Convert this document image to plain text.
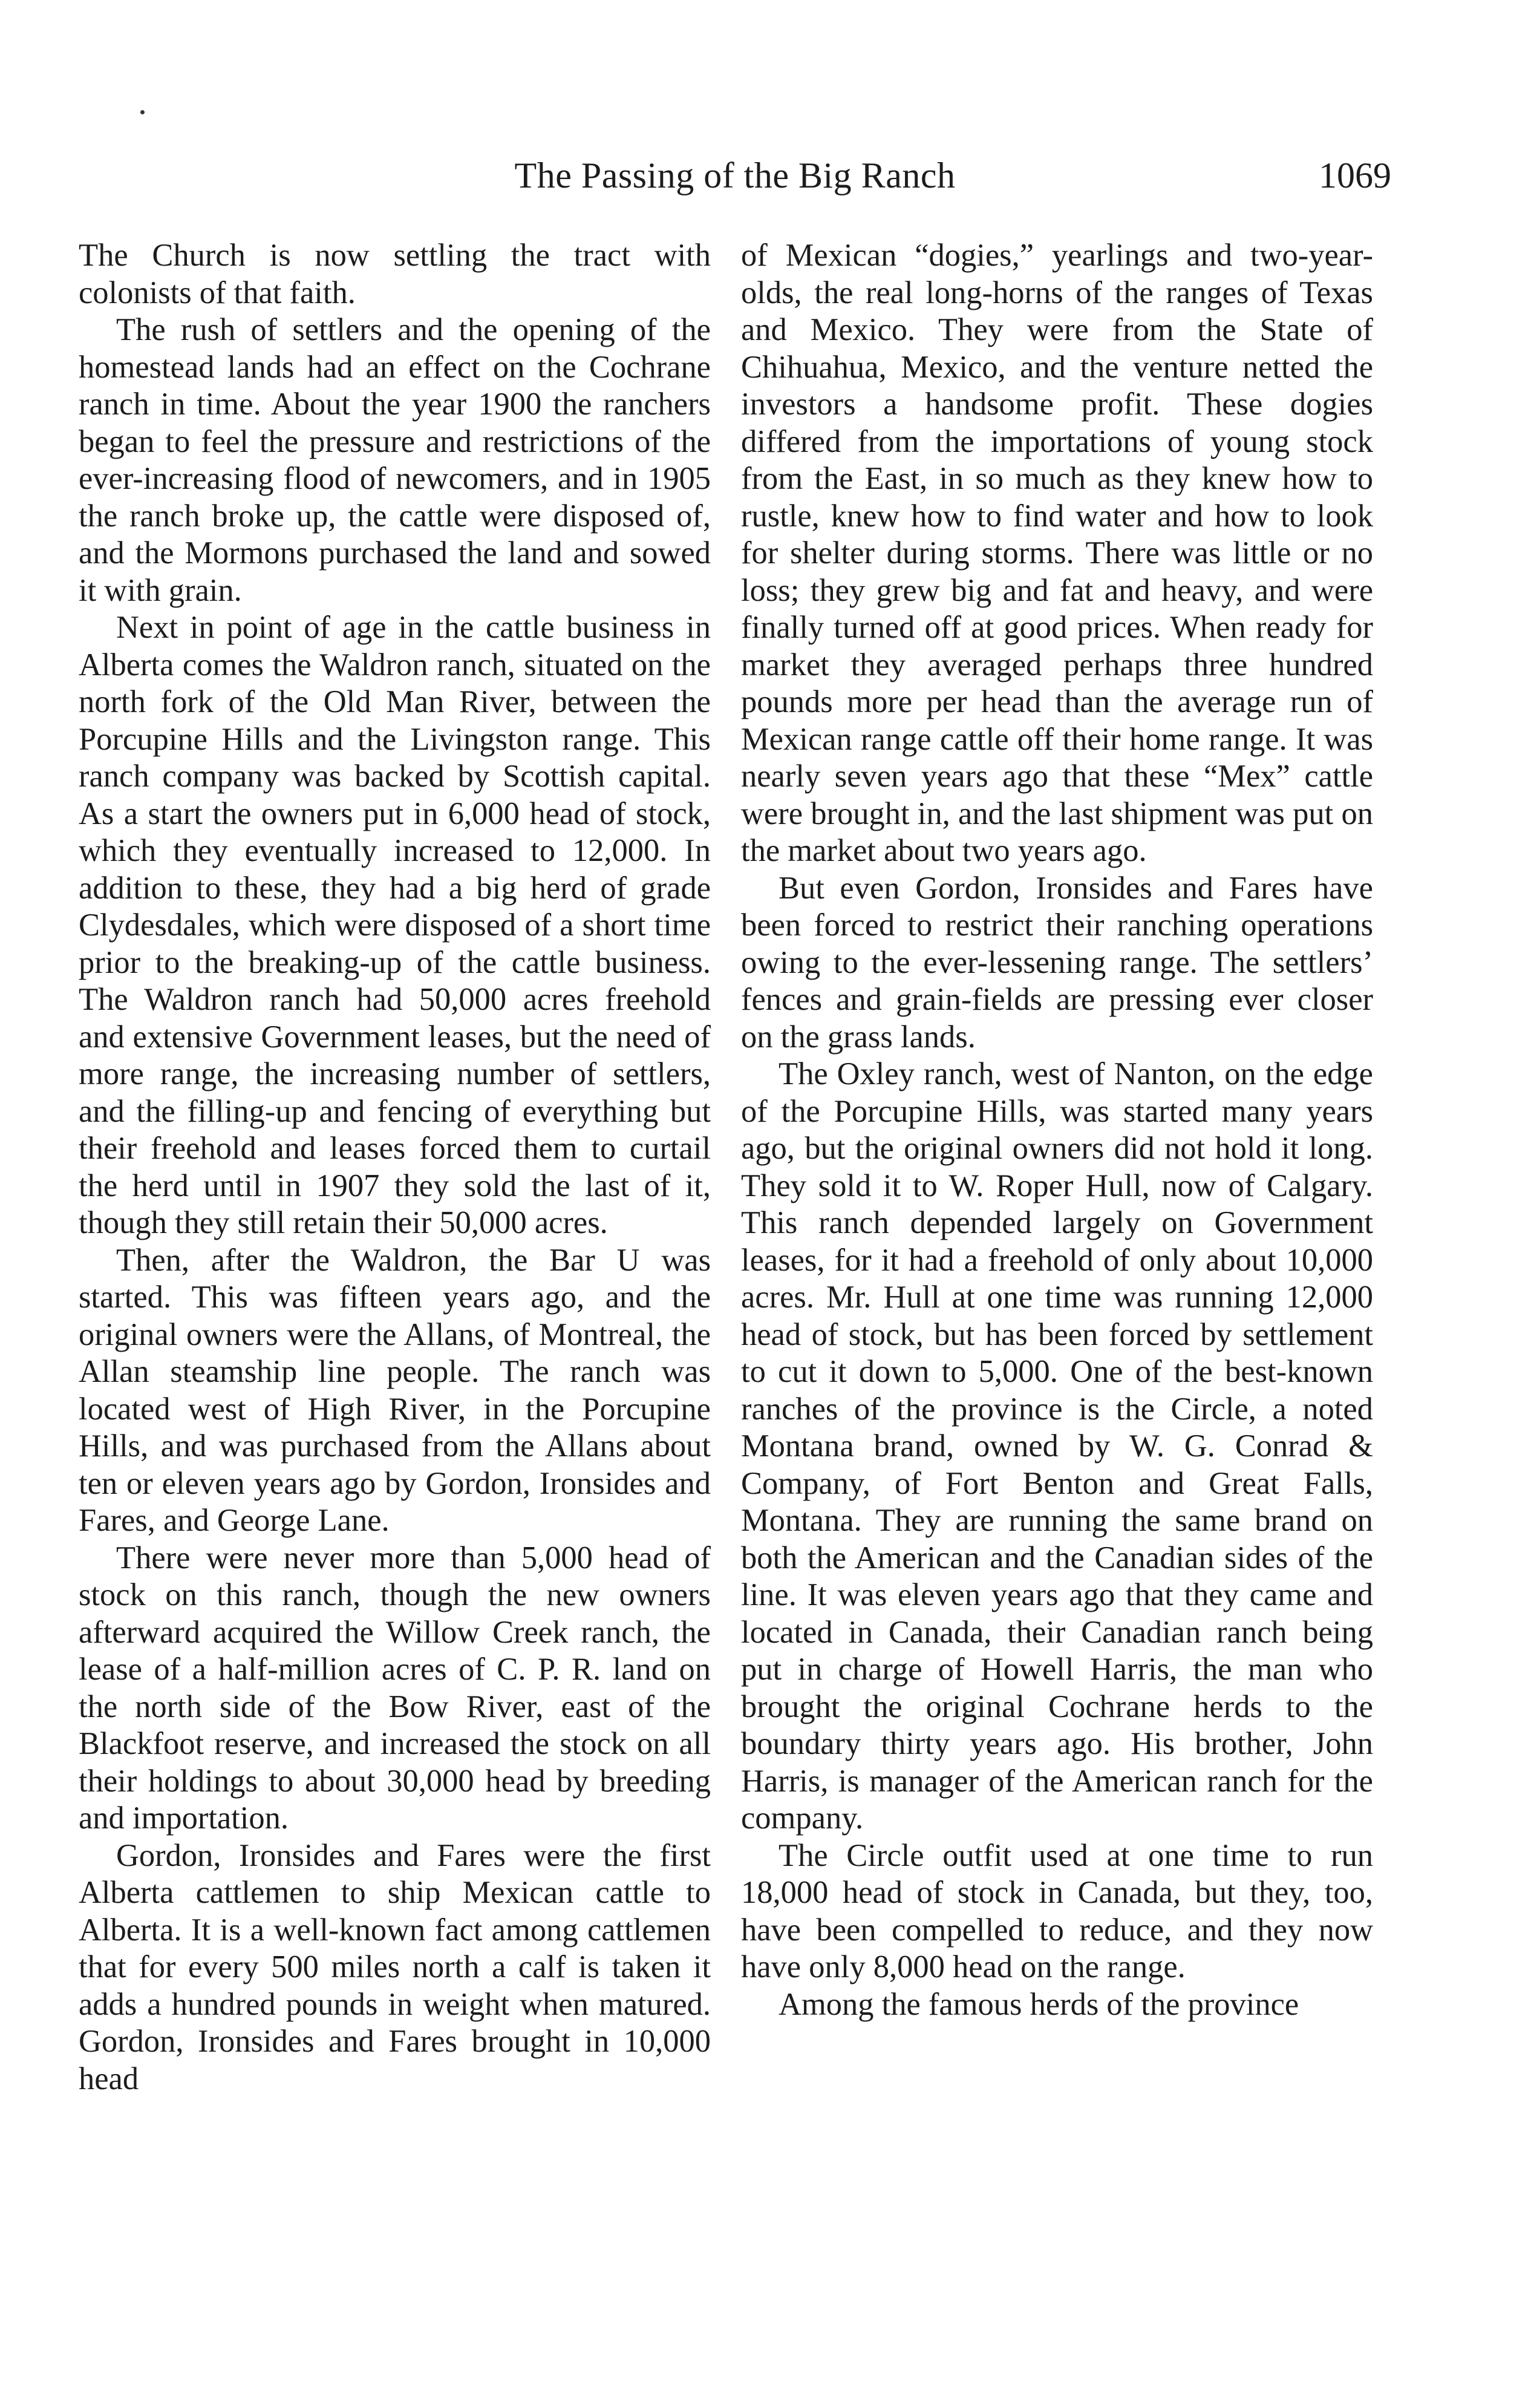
The Passing of the Big Ranch	1069

The Church is now settling the tract with colonists of that faith.

The rush of settlers and the opening of the homestead lands had an effect on the Cochrane ranch in time. About the year 1900 the ranchers began to feel the pressure and restrictions of the ever-increasing flood of newcomers, and in 1905 the ranch broke up, the cattle were disposed of, and the Mormons purchased the land and sowed it with grain.

Next in point of age in the cattle business in Alberta comes the Waldron ranch, situated on the north fork of the Old Man River, between the Porcupine Hills and the Livingston range. This ranch company was backed by Scottish capital. As a start the owners put in 6,000 head of stock, which they eventually increased to 12,000. In addition to these, they had a big herd of grade Clydesdales, which were disposed of a short time prior to the breaking-up of the cattle business. The Waldron ranch had 50,000 acres freehold and extensive Government leases, but the need of more range, the increasing number of settlers, and the filling-up and fencing of everything but their freehold and leases forced them to curtail the herd until in 1907 they sold the last of it, though they still retain their 50,000 acres.

Then, after the Waldron, the Bar U was started. This was fifteen years ago, and the original owners were the Allans, of Montreal, the Allan steamship line people. The ranch was located west of High River, in the Porcupine Hills, and was purchased from the Allans about ten or eleven years ago by Gordon, Ironsides and Fares, and George Lane.

There were never more than 5,000 head of stock on this ranch, though the new owners afterward acquired the Willow Creek ranch, the lease of a half-million acres of C. P. R. land on the north side of the Bow River, east of the Blackfoot reserve, and increased the stock on all their holdings to about 30,000 head by breeding and importation.

Gordon, Ironsides and Fares were the first Alberta cattlemen to ship Mexican cattle to Alberta. It is a well-known fact among cattlemen that for every 500 miles north a calf is taken it adds a hundred pounds in weight when matured. Gordon, Ironsides and Fares brought in 10,000 head

of Mexican “dogies,” yearlings and two-year-olds, the real long-horns of the ranges of Texas and Mexico. They were from the State of Chihuahua, Mexico, and the venture netted the investors a handsome profit. These dogies differed from the importations of young stock from the East, in so much as they knew how to rustle, knew how to find water and how to look for shelter during storms. There was little or no loss; they grew big and fat and heavy, and were finally turned off at good prices. When ready for market they averaged perhaps three hundred pounds more per head than the average run of Mexican range cattle off their home range. It was nearly seven years ago that these “Mex” cattle were brought in, and the last shipment was put on the market about two years ago.

But even Gordon, Ironsides and Fares have been forced to restrict their ranching operations owing to the ever-lessening range. The settlers’ fences and grain-fields are pressing ever closer on the grass lands.

The Oxley ranch, west of Nanton, on the edge of the Porcupine Hills, was started many years ago, but the original owners did not hold it long. They sold it to W. Roper Hull, now of Calgary. This ranch depended largely on Government leases, for it had a freehold of only about 10,000 acres. Mr. Hull at one time was running 12,000 head of stock, but has been forced by settlement to cut it down to 5,000. One of the best-known ranches of the province is the Circle, a noted Montana brand, owned by W. G. Conrad & Company, of Fort Benton and Great Falls, Montana. They are running the same brand on both the American and the Canadian sides of the line. It was eleven years ago that they came and located in Canada, their Canadian ranch being put in charge of Howell Harris, the man who brought the original Cochrane herds to the boundary thirty years ago. His brother, John Harris, is manager of the American ranch for the company.

The Circle outfit used at one time to run 18,000 head of stock in Canada, but they, too, have been compelled to reduce, and they now have only 8,000 head on the range.

Among the famous herds of the province
